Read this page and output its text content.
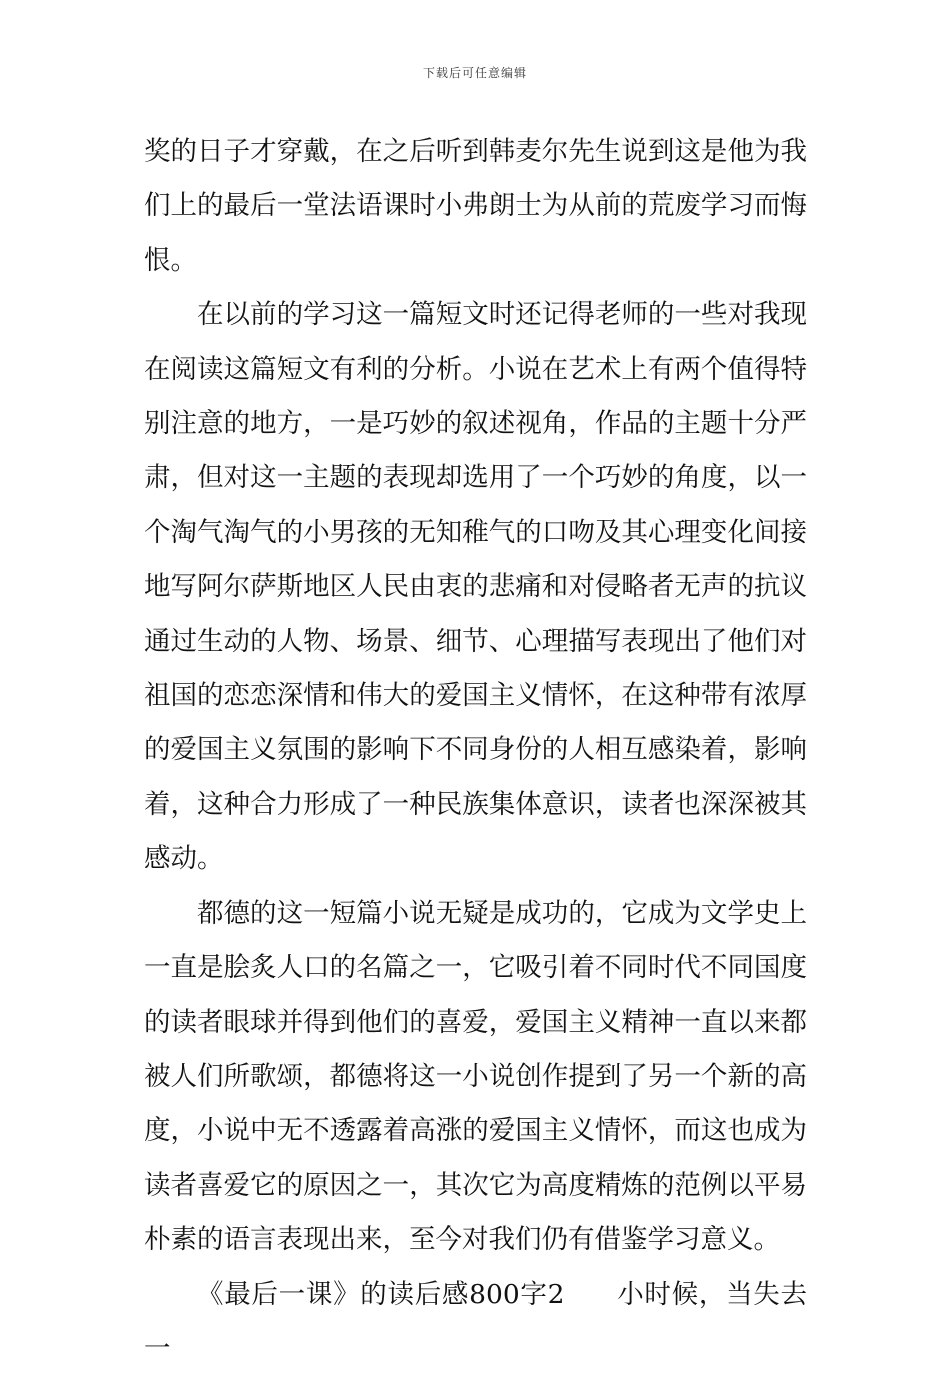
下载后可任意编辑

奖的日子才穿戴，在之后听到韩麦尔先生说到这是他为我们上的最后一堂法语课时小弗朗士为从前的荒废学习而悔恨。

在以前的学习这一篇短文时还记得老师的一些对我现在阅读这篇短文有利的分析。小说在艺术上有两个值得特别注意的地方，一是巧妙的叙述视角，作品的主题十分严肃，但对这一主题的表现却选用了一个巧妙的角度，以一个淘气淘气的小男孩的无知稚气的口吻及其心理变化间接地写阿尔萨斯地区人民由衷的悲痛和对侵略者无声的抗议通过生动的人物、场景、细节、心理描写表现出了他们对祖国的恋恋深情和伟大的爱国主义情怀，在这种带有浓厚的爱国主义氛围的影响下不同身份的人相互感染着，影响着，这种合力形成了一种民族集体意识，读者也深深被其感动。

都德的这一短篇小说无疑是成功的，它成为文学史上一直是脍炙人口的名篇之一，它吸引着不同时代不同国度的读者眼球并得到他们的喜爱，爱国主义精神一直以来都被人们所歌颂，都德将这一小说创作提到了另一个新的高度，小说中无不透露着高涨的爱国主义情怀，而这也成为读者喜爱它的原因之一，其次它为高度精炼的范例以平易朴素的语言表现出来，至今对我们仍有借鉴学习意义。

《最后一课》的读后感800字2 小时候，当失去一
